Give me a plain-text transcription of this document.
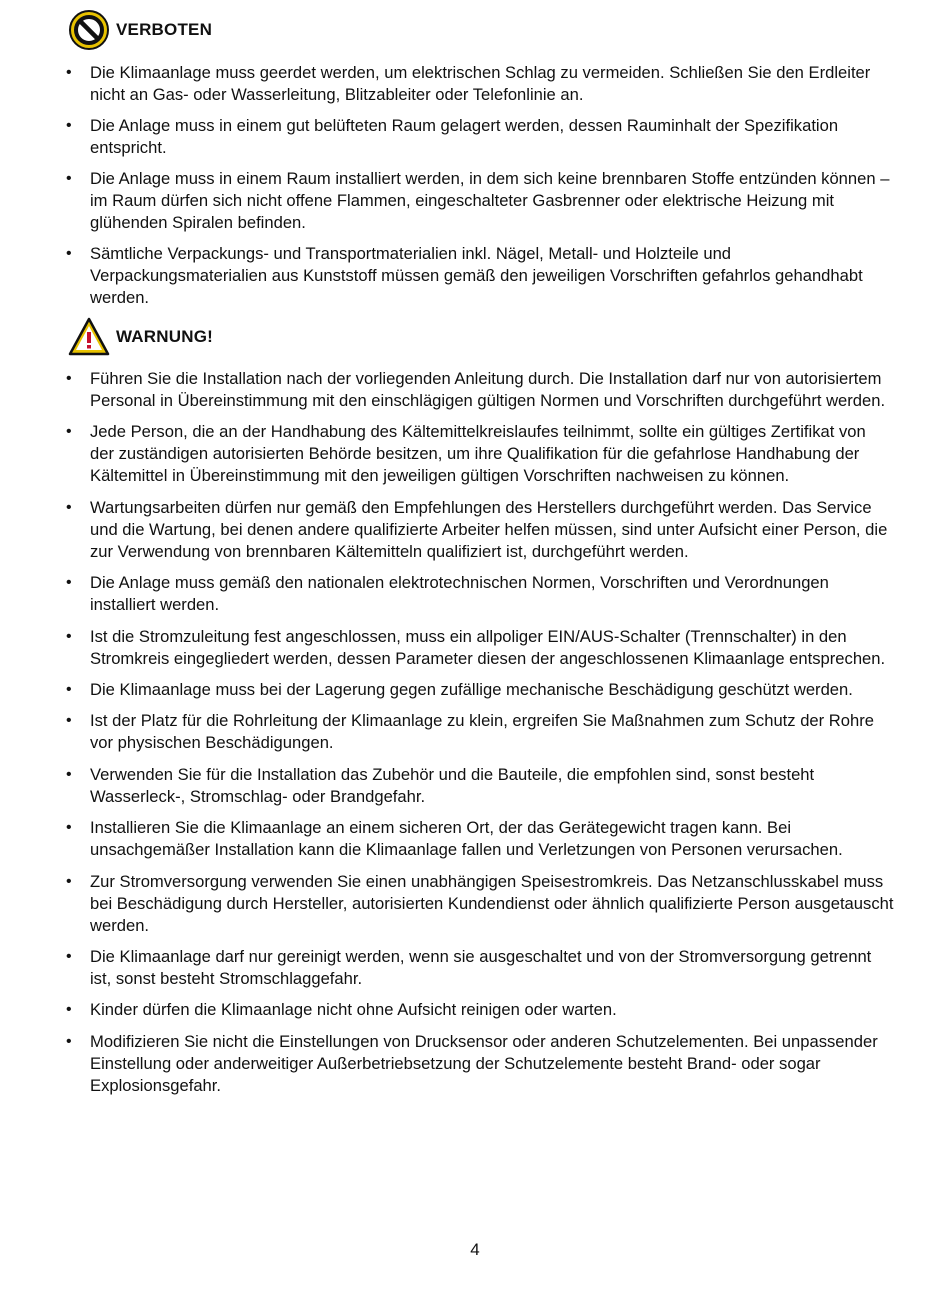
VERBOTEN
• Die Klimaanlage muss geerdet werden, um elektrischen Schlag zu vermeiden. Schließen Sie den Erdleiter nicht an Gas- oder Wasserleitung, Blitzableiter oder Telefonlinie an.
• Die Anlage muss in einem gut belüfteten Raum gelagert werden, dessen Rauminhalt der Spezifikation entspricht.
• Die Anlage muss in einem Raum installiert werden, in dem sich keine brennbaren Stoffe entzünden können – im Raum dürfen sich nicht offene Flammen, eingeschalteter Gasbrenner oder elektrische Heizung mit glühenden Spiralen befinden.
• Sämtliche Verpackungs- und Transportmaterialien inkl. Nägel, Metall- und Holzteile und Verpackungsmaterialien aus Kunststoff müssen gemäß den jeweiligen Vorschriften gefahrlos gehandhabt werden.
WARNUNG!
• Führen Sie die Installation nach der vorliegenden Anleitung durch. Die Installation darf nur von autorisiertem Personal in Übereinstimmung mit den einschlägigen gültigen Normen und Vorschriften durchgeführt werden.
• Jede Person, die an der Handhabung des Kältemittelkreislaufes teilnimmt, sollte ein gültiges Zertifikat von der zuständigen autorisierten Behörde besitzen, um ihre Qualifikation für die gefahrlose Handhabung der Kältemittel in Übereinstimmung mit den jeweiligen gültigen Vorschriften nachweisen zu können.
• Wartungsarbeiten dürfen nur gemäß den Empfehlungen des Herstellers durchgeführt werden. Das Service und die Wartung, bei denen andere qualifizierte Arbeiter helfen müssen, sind unter Aufsicht einer Person, die zur Verwendung von brennbaren Kältemitteln qualifiziert ist, durchgeführt werden.
• Die Anlage muss gemäß den nationalen elektrotechnischen Normen, Vorschriften und Verordnungen installiert werden.
• Ist die Stromzuleitung fest angeschlossen, muss ein allpoliger EIN/AUS-Schalter (Trennschalter) in den Stromkreis eingegliedert werden, dessen Parameter diesen der angeschlossenen Klimaanlage entsprechen.
• Die Klimaanlage muss bei der Lagerung gegen zufällige mechanische Beschädigung geschützt werden.
• Ist der Platz für die Rohrleitung der Klimaanlage zu klein, ergreifen Sie Maßnahmen zum Schutz der Rohre vor physischen Beschädigungen.
• Verwenden Sie für die Installation das Zubehör und die Bauteile, die empfohlen sind, sonst besteht Wasserleck-, Stromschlag- oder Brandgefahr.
• Installieren Sie die Klimaanlage an einem sicheren Ort, der das Gerätegewicht tragen kann. Bei unsachgemäßer Installation kann die Klimaanlage fallen und Verletzungen von Personen verursachen.
• Zur Stromversorgung verwenden Sie einen unabhängigen Speisestromkreis. Das Netzanschlusskabel muss bei Beschädigung durch Hersteller, autorisierten Kundendienst oder ähnlich qualifizierte Person ausgetauscht werden.
• Die Klimaanlage darf nur gereinigt werden, wenn sie ausgeschaltet und von der Stromversorgung getrennt ist, sonst besteht Stromschlaggefahr.
• Kinder dürfen die Klimaanlage nicht ohne Aufsicht reinigen oder warten.
• Modifizieren Sie nicht die Einstellungen von Drucksensor oder anderen Schutzelementen. Bei unpassender Einstellung oder anderweitiger Außerbetriebsetzung der Schutzelemente besteht Brand- oder sogar Explosionsgefahr.
4
